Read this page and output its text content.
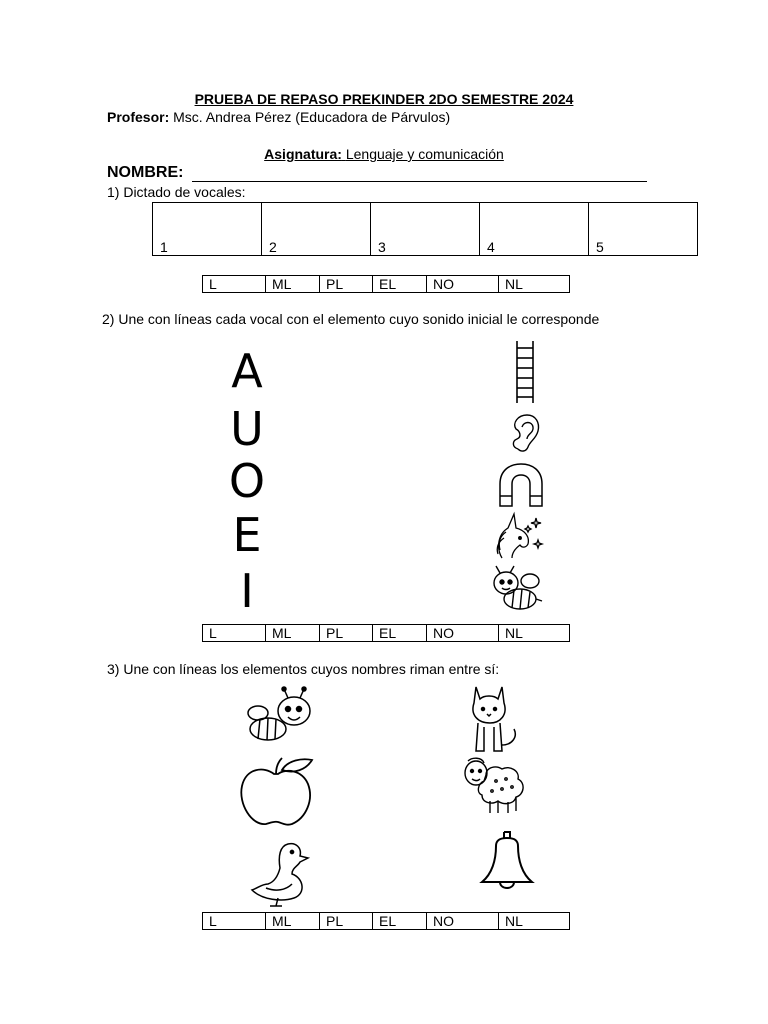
PRUEBA DE REPASO PREKINDER 2DO SEMESTRE 2024
Profesor: Msc. Andrea Pérez (Educadora de Párvulos)
Asignatura: Lenguaje y comunicación
NOMBRE:
1) Dictado de vocales:
1	2	3	4	5
L	ML	PL	EL	NO	NL
2) Une con líneas cada vocal con el elemento cuyo sonido inicial le corresponde
A
U
O
E
I
L	ML	PL	EL	NO	NL
3) Une con líneas los elementos cuyos nombres riman entre sí:
L	ML	PL	EL	NO	NL
